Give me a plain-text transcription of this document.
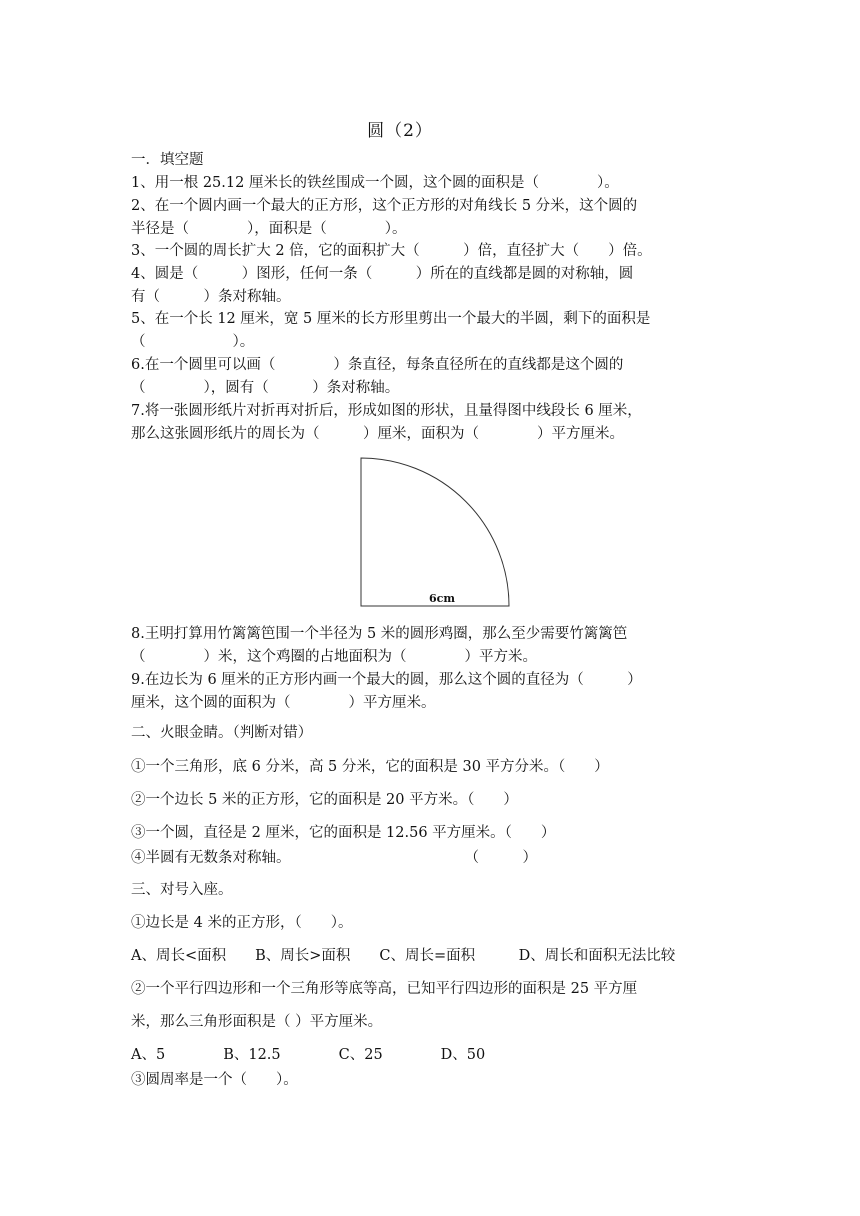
圆（2）
一．填空题
1、用一根 25.12 厘米长的铁丝围成一个圆，这个圆的面积是（　　　　）。
2、在一个圆内画一个最大的正方形，这个正方形的对角线长 5 分米，这个圆的
半径是（　　　　），面积是（　　　　）。
3、一个圆的周长扩大 2 倍，它的面积扩大（　　　）倍，直径扩大（　　）倍。
4、圆是（　　　）图形，任何一条（　　　）所在的直线都是圆的对称轴，圆
有（　　　）条对称轴。
5、在一个长 12 厘米，宽 5 厘米的长方形里剪出一个最大的半圆，剩下的面积是
（　　　　　　）。
6.在一个圆里可以画（　　　　）条直径，每条直径所在的直线都是这个圆的
（　　　　），圆有（　　　）条对称轴。
7.将一张圆形纸片对折再对折后，形成如图的形状，且量得图中线段长 6 厘米，
那么这张圆形纸片的周长为（　　　）厘米，面积为（　　　　）平方厘米。
6cm
8.王明打算用竹篱篱笆围一个半径为 5 米的圆形鸡圈，那么至少需要竹篱篱笆
（　　　　）米，这个鸡圈的占地面积为（　　　　）平方米。
9.在边长为 6 厘米的正方形内画一个最大的圆，那么这个圆的直径为（　　　）
厘米，这个圆的面积为（　　　　）平方厘米。
二、火眼金睛。（判断对错）
①一个三角形，底 6 分米，高 5 分米，它的面积是 30 平方分米。（　　）
②一个边长 5 米的正方形，它的面积是 20 平方米。（　　）
③一个圆，直径是 2 厘米，它的面积是 12.56 平方厘米。（　　）
④半圆有无数条对称轴。　　　　　　　　　　　　　（　　　）
三、对号入座。
①边长是 4 米的正方形，（　　）。
A、周长<面积　　B、周长>面积　　C、周长=面积　　　D、周长和面积无法比较
②一个平行四边形和一个三角形等底等高，已知平行四边形的面积是 25 平方厘
米，那么三角形面积是（ ）平方厘米。
A、5　　　　B、12.5　　　　C、25　　　　D、50
③圆周率是一个（　　）。
